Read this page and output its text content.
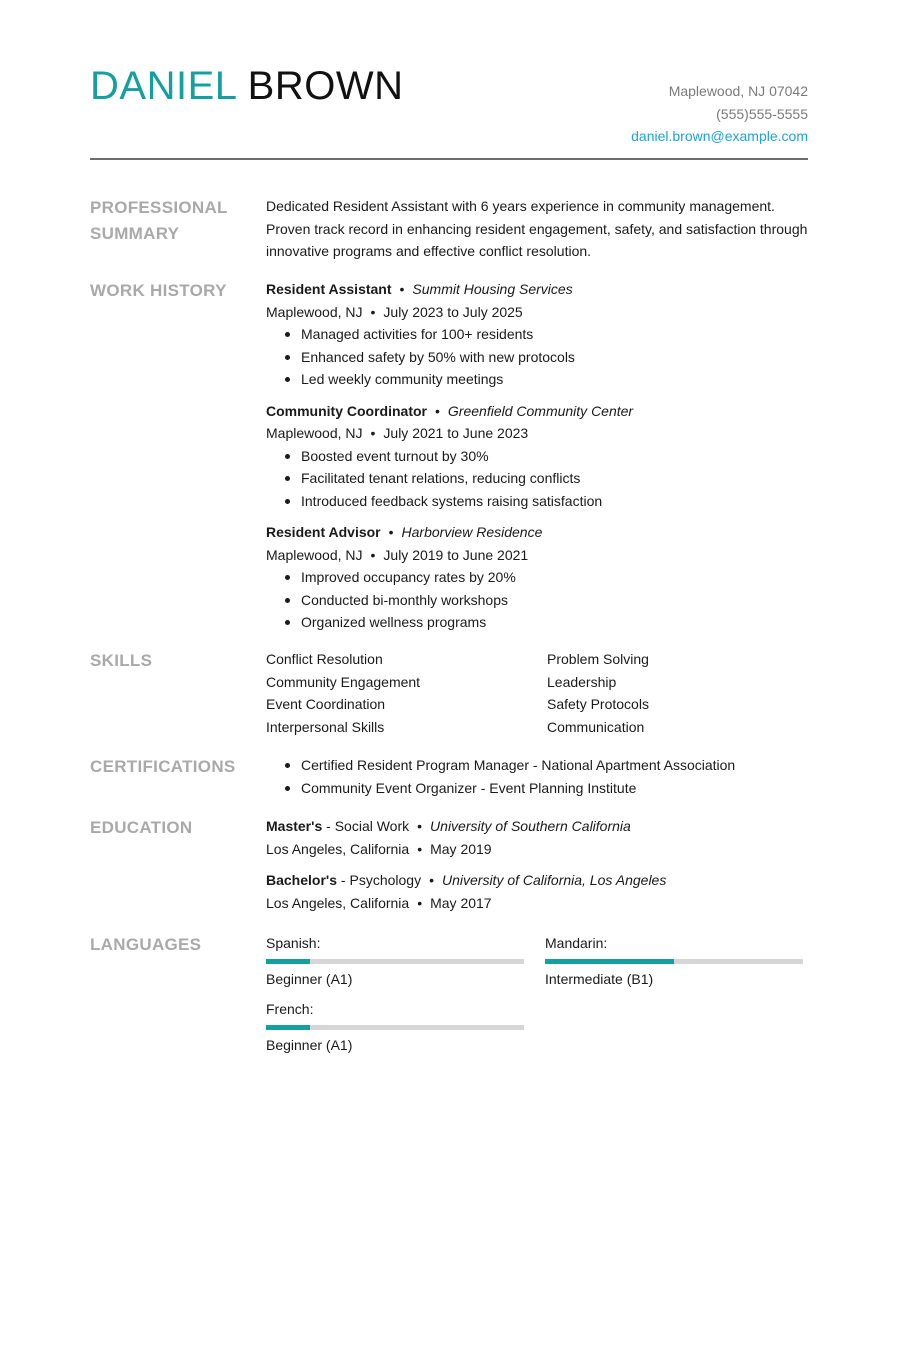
DANIEL BROWN	Maplewood, NJ 07042
(555)555-5555
daniel.brown@example.com
PROFESSIONAL SUMMARY
Dedicated Resident Assistant with 6 years experience in community management. Proven track record in enhancing resident engagement, safety, and satisfaction through innovative programs and effective conflict resolution.
WORK HISTORY	Resident Assistant • Summit Housing Services
Maplewood, NJ • July 2023 to July 2025
Managed activities for 100+ residents
Enhanced safety by 50% with new protocols
Led weekly community meetings
Community Coordinator • Greenfield Community Center
Maplewood, NJ • July 2021 to June 2023
Boosted event turnout by 30%
Facilitated tenant relations, reducing conflicts
Introduced feedback systems raising satisfaction
Resident Advisor • Harborview Residence
Maplewood, NJ • July 2019 to June 2021
Improved occupancy rates by 20%
Conducted bi-monthly workshops
Organized wellness programs
SKILLS	Conflict Resolution	Problem Solving
Community Engagement	Leadership
Event Coordination	Safety Protocols
Interpersonal Skills	Communication
CERTIFICATIONS	Certified Resident Program Manager - National Apartment Association
Community Event Organizer - Event Planning Institute
EDUCATION	Master's - Social Work • University of Southern California
Los Angeles, California • May 2019
Bachelor's - Psychology • University of California, Los Angeles
Los Angeles, California • May 2017
LANGUAGES	Spanish:
Beginner (A1)
Mandarin:
Intermediate (B1)
French:
Beginner (A1)
